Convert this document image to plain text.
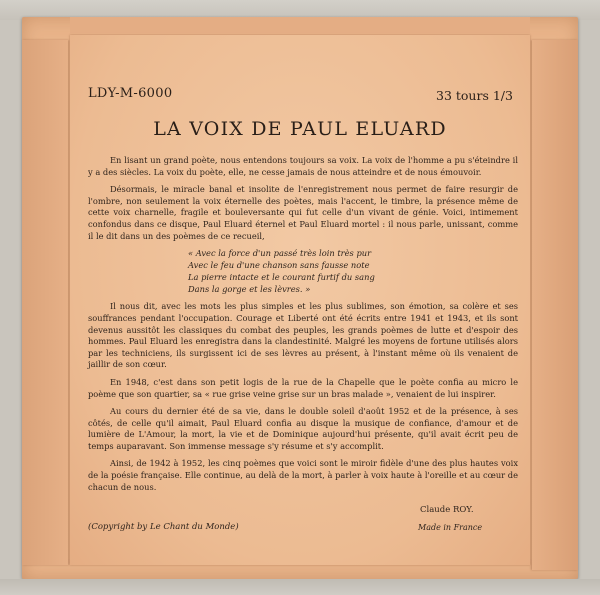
LDY-M-6000	33 tours 1/3
LA VOIX DE PAUL ELUARD

En lisant un grand poète, nous entendons toujours sa voix. La voix de l'homme a pu s'éteindre il y a des siècles. La voix du poète, elle, ne cesse jamais de nous atteindre et de nous émouvoir.

Désormais, le miracle banal et insolite de l'enregistrement nous permet de faire resurgir de l'ombre, non seulement la voix éternelle des poètes, mais l'accent, le timbre, la présence même de cette voix charnelle, fragile et bouleversante qui fut celle d'un vivant de génie. Voici, intimement confondus dans ce disque, Paul Eluard éternel et Paul Eluard mortel : il nous parle, unissant, comme il le dit dans un des poèmes de ce recueil,

« Avec la force d'un passé très loin très pur
Avec le feu d'une chanson sans fausse note
La pierre intacte et le courant furtif du sang
Dans la gorge et les lèvres. »

Il nous dit, avec les mots les plus simples et les plus sublimes, son émotion, sa colère et ses souffrances pendant l'occupation. Courage et Liberté ont été écrits entre 1941 et 1943, et ils sont devenus aussitôt les classiques du combat des peuples, les grands poèmes de lutte et d'espoir des hommes. Paul Eluard les enregistra dans la clandestinité. Malgré les moyens de fortune utilisés alors par les techniciens, ils surgissent ici de ses lèvres au présent, à l'instant même où ils venaient de jaillir de son cœur.

En 1948, c'est dans son petit logis de la rue de la Chapelle que le poète confia au micro le poème que son quartier, sa « rue grise veine grise sur un bras malade », venaient de lui inspirer.

Au cours du dernier été de sa vie, dans le double soleil d'août 1952 et de la présence, à ses côtés, de celle qu'il aimait, Paul Eluard confia au disque la musique de confiance, d'amour et de lumière de L'Amour, la mort, la vie et de Dominique aujourd'hui présente, qu'il avait écrit peu de temps auparavant. Son immense message s'y résume et s'y accomplit.

Ainsi, de 1942 à 1952, les cinq poèmes que voici sont le miroir fidèle d'une des plus hautes voix de la poésie française. Elle continue, au delà de la mort, à parler à voix haute à l'oreille et au cœur de chacun de nous.

Claude ROY.
(Copyright by Le Chant du Monde)	Made in France
